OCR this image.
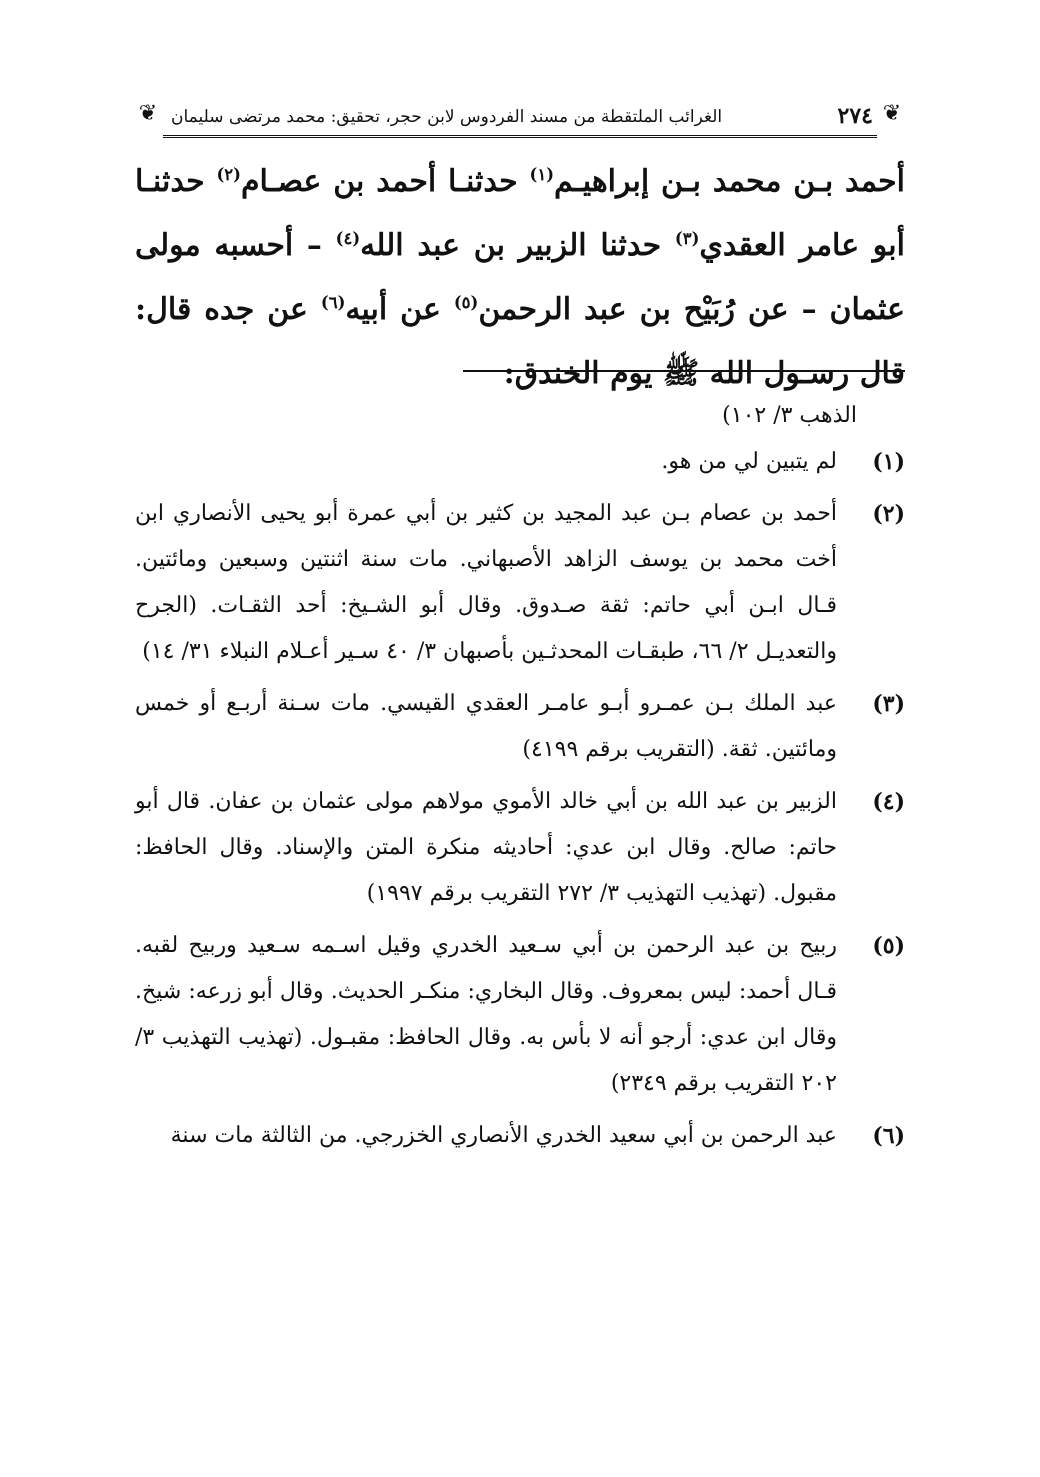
❦
٢٧٤
الغرائب الملتقطة من مسند الفردوس لابن حجر، تحقيق: محمد مرتضى سليمان
❦

أحمد بـن محمد بـن إبراهيـم$^{(١)}$ حدثنـا أحمد بن عصـام$^{(٢)}$ حدثنـا أبو عامر العقدي$^{(٣)}$ حدثنا الزبير بن عبد الله$^{(٤)}$ – أحسبه مولى عثمان – عن رُبَيْح بن عبد الرحمن$^{(٥)}$ عن أبيه$^{(٦)}$ عن جده قال: قال رسـول الله ﷺ يوم الخندق:

الذهب ٣/ ١٠٢)

(١)
لم يتبين لي من هو.
(٢)
أحمد بن عصام بـن عبد المجيد بن كثير بن أبي عمرة أبو يحيى الأنصاري ابن أخت محمد بن يوسف الزاهد الأصبهاني. مات سنة اثنتين وسبعين ومائتين. قـال ابـن أبي حاتم: ثقة صـدوق. وقال أبو الشـيخ: أحد الثقـات. (الجرح والتعديـل ٢/ ٦٦، طبقـات المحدثـين بأصبهان ٣/ ٤٠ سـير أعـلام النبلاء ٣١/ ١٤)
(٣)
عبد الملك بـن عمـرو أبـو عامـر العقدي القيسي. مات سـنة أربـع أو خمس ومائتين. ثقة. (التقريب برقم ٤١٩٩)
(٤)
الزبير بن عبد الله بن أبي خالد الأموي مولاهم مولى عثمان بن عفان. قال أبو حاتم: صالح. وقال ابن عدي: أحاديثه منكرة المتن والإسناد. وقال الحافظ: مقبول. (تهذيب التهذيب ٣/ ٢٧٢ التقريب برقم ١٩٩٧)
(٥)
ربيح بن عبد الرحمن بن أبي سـعيد الخدري وقيل اسـمه سـعيد وربيح لقبه. قـال أحمد: ليس بمعروف. وقال البخاري: منكـر الحديث. وقال أبو زرعه: شيخ. وقال ابن عدي: أرجو أنه لا بأس به. وقال الحافظ: مقبـول. (تهذيب التهذيب ٣/ ٢٠٢ التقريب برقم ٢٣٤٩)
(٦)
عبد الرحمن بن أبي سعيد الخدري الأنصاري الخزرجي. من الثالثة مات سنة
